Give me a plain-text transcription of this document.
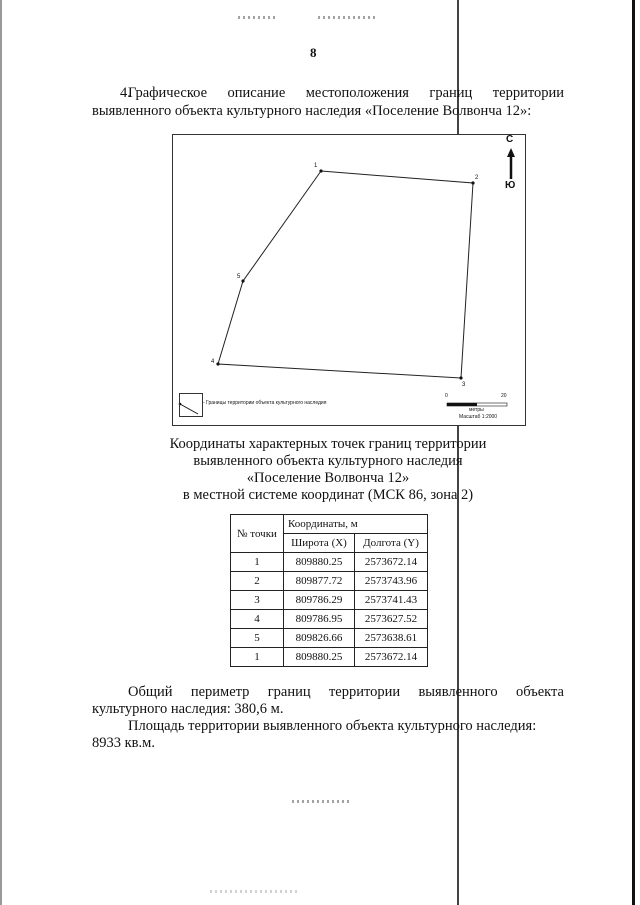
8
4.Графическое описание местоположения границ территории выявленного объекта культурного наследия «Поселение Волвонча 12»:
1
2
3
4
5
С
Ю
- Границы территории объекта культурного наследия
0	20
метры
Масштаб 1:2000
Координаты характерных точек границ территории
выявленного объекта культурного наследия
«Поселение Волвонча 12»
в местной системе координат (МСК 86, зона 2)
№ точки	Координаты, м	
	Широта (X)	Долгота (Y)
1	809880.25	2573672.14
2	809877.72	2573743.96
3	809786.29	2573741.43
4	809786.95	2573627.52
5	809826.66	2573638.61
1	809880.25	2573672.14
Общий периметр границ территории выявленного объекта
культурного наследия: 380,6 м.
Площадь территории выявленного объекта культурного наследия:
8933 кв.м.
